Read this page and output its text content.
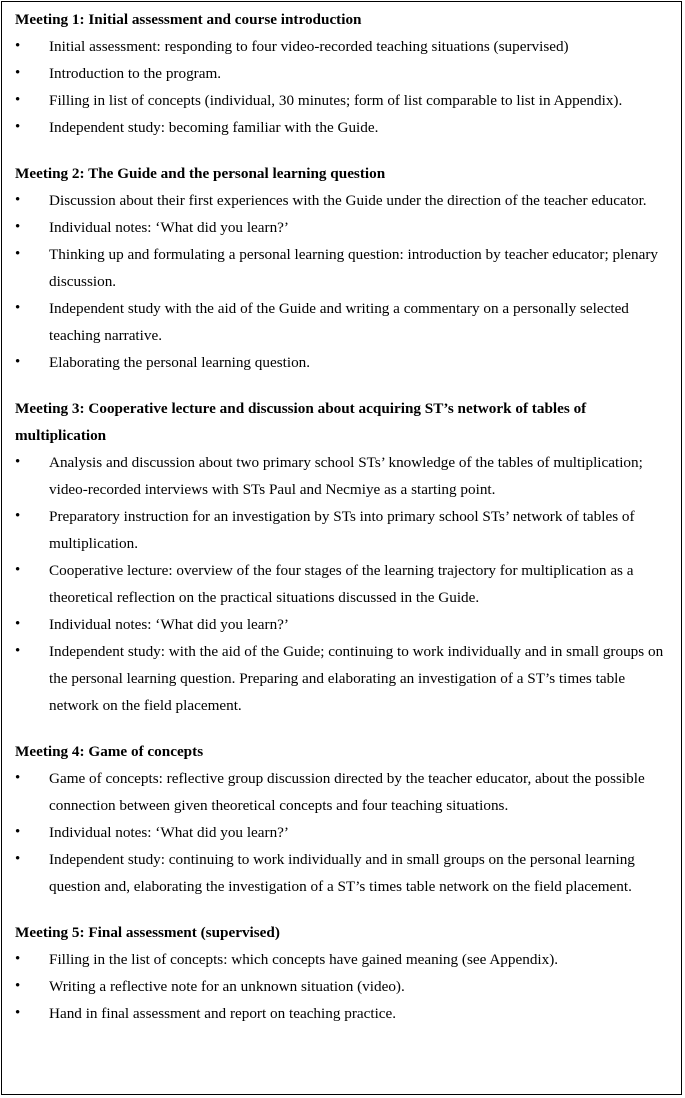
Meeting 1: Initial assessment and course introduction

• Initial assessment: responding to four video-recorded teaching situations (supervised)
• Introduction to the program.
• Filling in list of concepts (individual, 30 minutes; form of list comparable to list in Appendix).
• Independent study: becoming familiar with the Guide.

Meeting 2: The Guide and the personal learning question

• Discussion about their first experiences with the Guide under the direction of the teacher educator.
• Individual notes: ‘What did you learn?’
• Thinking up and formulating a personal learning question: introduction by teacher educator; plenary discussion.
• Independent study with the aid of the Guide and writing a commentary on a personally selected teaching narrative.
• Elaborating the personal learning question.

Meeting 3: Cooperative lecture and discussion about acquiring ST’s network of tables of multiplication

• Analysis and discussion about two primary school STs’ knowledge of the tables of multiplication; video-recorded interviews with STs Paul and Necmiye as a starting point.
• Preparatory instruction for an investigation by STs into primary school STs’ network of tables of multiplication.
• Cooperative lecture: overview of the four stages of the learning trajectory for multiplication as a theoretical reflection on the practical situations discussed in the Guide.
• Individual notes: ‘What did you learn?’
• Independent study: with the aid of the Guide; continuing to work individually and in small groups on the personal learning question. Preparing and elaborating an investigation of a ST’s times table network on the field placement.

Meeting 4: Game of concepts

• Game of concepts: reflective group discussion directed by the teacher educator, about the possible connection between given theoretical concepts and four teaching situations.
• Individual notes: ‘What did you learn?’
• Independent study: continuing to work individually and in small groups on the personal learning question and, elaborating the investigation of a ST’s times table network on the field placement.

Meeting 5: Final assessment (supervised)

• Filling in the list of concepts: which concepts have gained meaning (see Appendix).
• Writing a reflective note for an unknown situation (video).
• Hand in final assessment and report on teaching practice.
